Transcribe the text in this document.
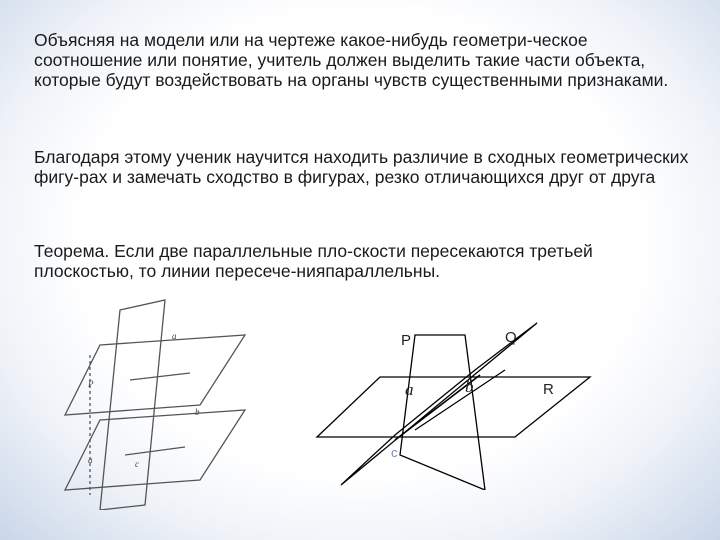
Объясняя на модели или на чертеже какое-нибудь геометри-ческое соотношение или понятие, учитель должен выделить такие части объекта, которые будут воздействовать на органы чувств существенными признаками.

Благодаря этому ученик научится находить различие в сходных геометрических фигу-рах и замечать сходство в фигурах, резко отличающихся друг от друга

Теорема. Если две параллельные пло-скости пересекаются третьей плоскостью, то линии пересече-нияпараллельны.

a
P
b
a	c
P	Q
R
a	b
c
